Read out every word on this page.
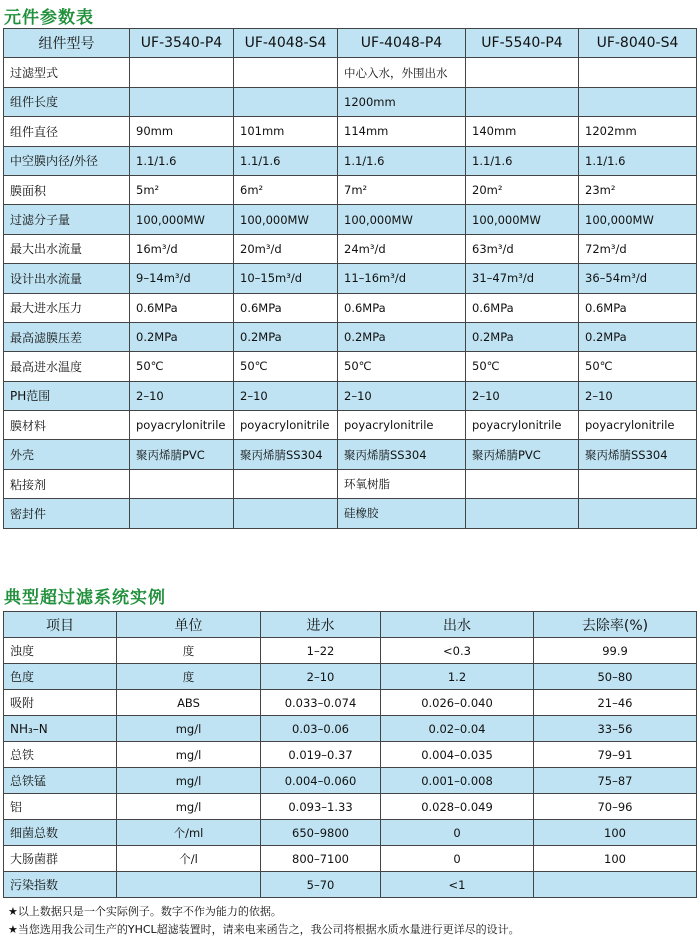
元件参数表
组件型号	UF-3540-P4	UF-4048-S4	UF-4048-P4	UF-5540-P4	UF-8040-S4
过滤型式			中心入水，外围出水		
组件长度			1200mm		
组件直径	90mm	101mm	114mm	140mm	1202mm
中空膜内径/外径	1.1/1.6	1.1/1.6	1.1/1.6	1.1/1.6	1.1/1.6
膜面积	5m²	6m²	7m²	20m²	23m²
过滤分子量	100,000MW	100,000MW	100,000MW	100,000MW	100,000MW
最大出水流量	16m³/d	20m³/d	24m³/d	63m³/d	72m³/d
设计出水流量	9–14m³/d	10–15m³/d	11–16m³/d	31–47m³/d	36–54m³/d
最大进水压力	0.6MPa	0.6MPa	0.6MPa	0.6MPa	0.6MPa
最高滤膜压差	0.2MPa	0.2MPa	0.2MPa	0.2MPa	0.2MPa
最高进水温度	50℃	50℃	50℃	50℃	50℃
PH范围	2–10	2–10	2–10	2–10	2–10
膜材料	poyacrylonitrile	poyacrylonitrile	poyacrylonitrile	poyacrylonitrile	poyacrylonitrile
外壳	聚丙烯腈PVC	聚丙烯腈SS304	聚丙烯腈SS304	聚丙烯腈PVC	聚丙烯腈SS304
粘接剂			环氧树脂		
密封件			硅橡胶		
典型超过滤系统实例
项目	单位	进水	出水	去除率(%)
浊度	度	1–22	<0.3	99.9
色度	度	2–10	1.2	50–80
吸附	ABS	0.033–0.074	0.026–0.040	21–46
NH₃–N	mg/l	0.03–0.06	0.02–0.04	33–56
总铁	mg/l	0.019–0.37	0.004–0.035	79–91
总铁锰	mg/l	0.004–0.060	0.001–0.008	75–87
铝	mg/l	0.093–1.33	0.028–0.049	70–96
细菌总数	个/ml	650–9800	0	100
大肠菌群	个/l	800–7100	0	100
污染指数		5–70	<1	
★以上数据只是一个实际例子。数字不作为能力的依据。
★当您选用我公司生产的YHCL超滤装置时，请来电来函告之，我公司将根据水质水量进行更详尽的设计。
